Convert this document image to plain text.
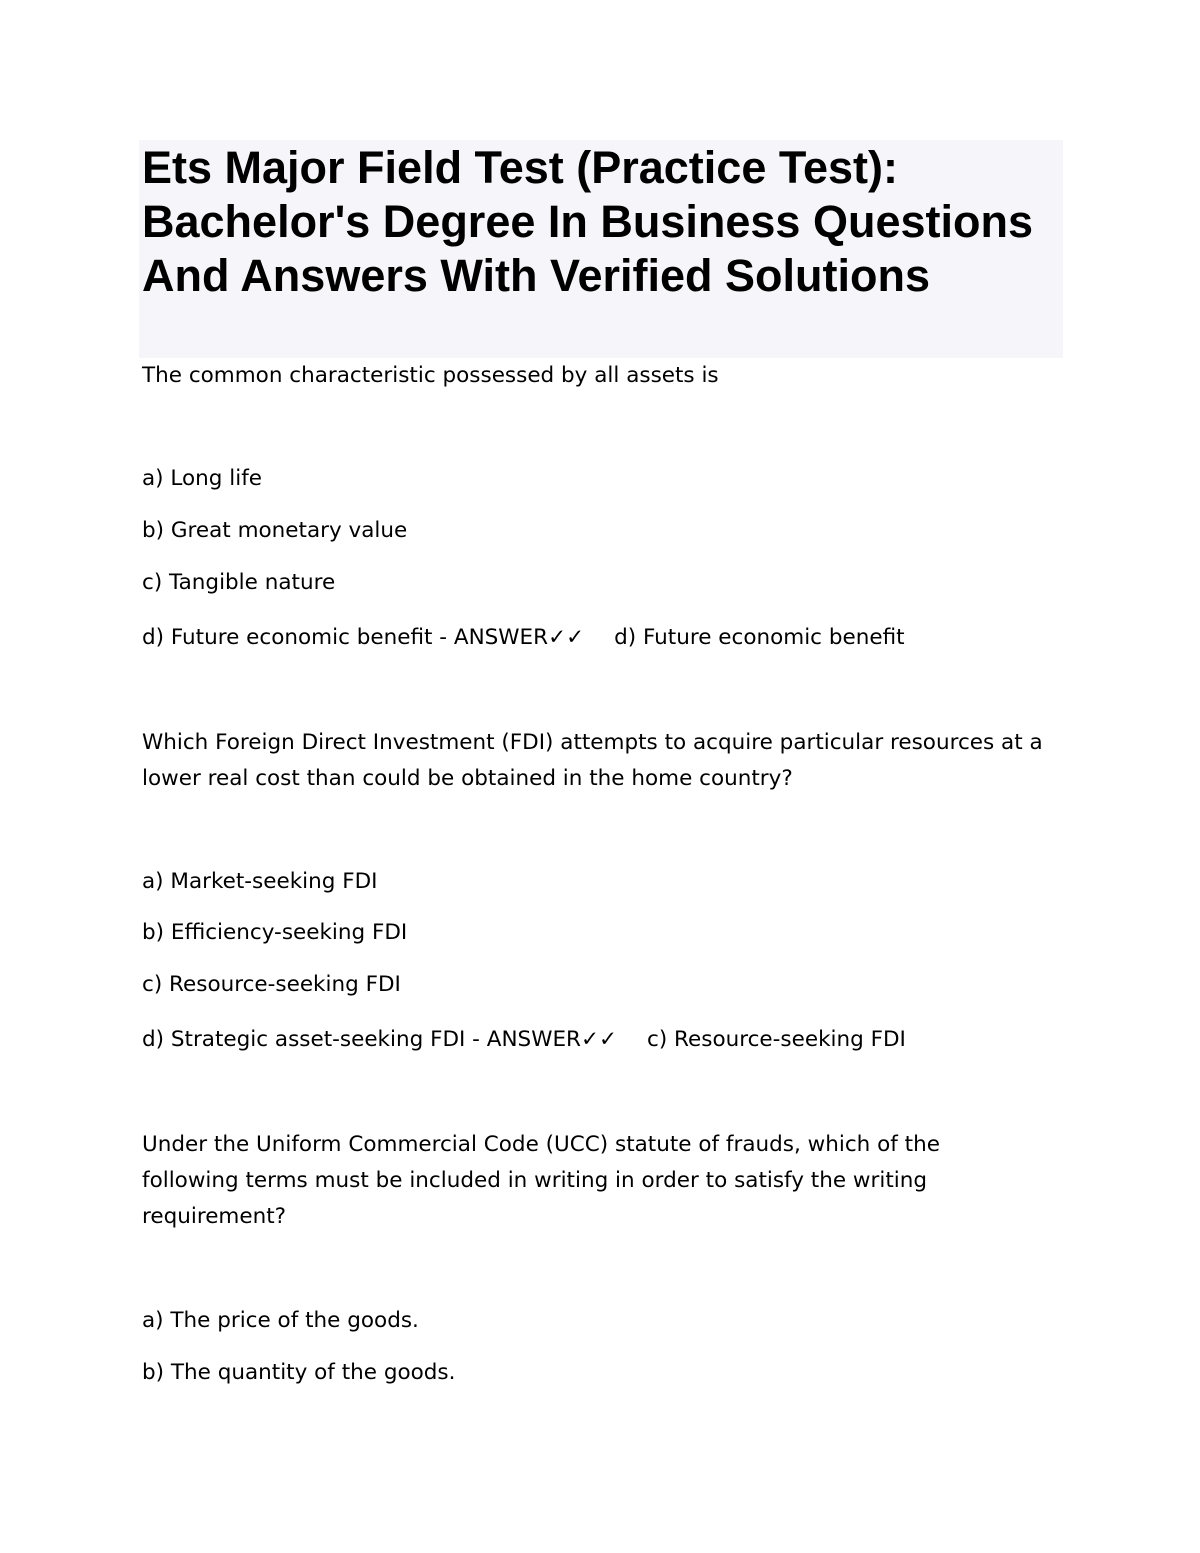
Ets Major Field Test (Practice Test): Bachelor's Degree In Business Questions And Answers With Verified Solutions

The common characteristic possessed by all assets is

a) Long life

b) Great monetary value

c) Tangible nature

d) Future economic benefit - ANSWER✓✓ d) Future economic benefit

Which Foreign Direct Investment (FDI) attempts to acquire particular resources at a lower real cost than could be obtained in the home country?

a) Market-seeking FDI

b) Efficiency-seeking FDI

c) Resource-seeking FDI

d) Strategic asset-seeking FDI - ANSWER✓✓ c) Resource-seeking FDI

Under the Uniform Commercial Code (UCC) statute of frauds, which of the following terms must be included in writing in order to satisfy the writing requirement?

a) The price of the goods.

b) The quantity of the goods.
